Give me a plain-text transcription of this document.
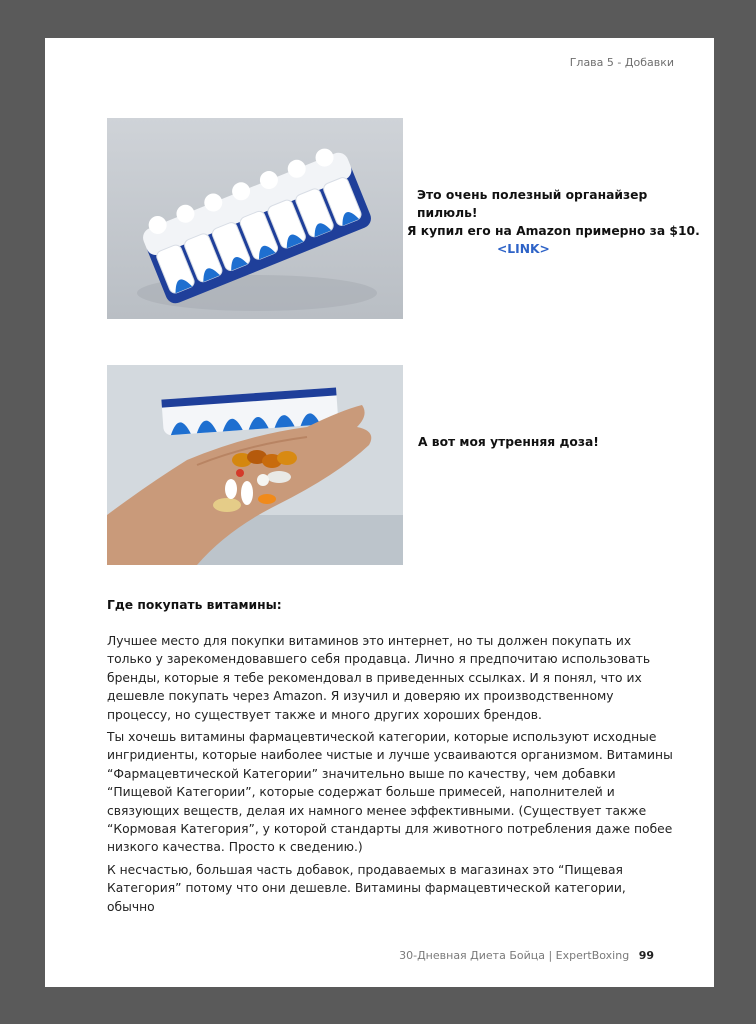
Глава 5 - Добавки
Это очень полезный органайзер пилюль!
Я купил его на Amazon примерно за $10. <LINK>
А вот моя утренняя доза!
Где покупать витамины:

Лучшее место для покупки витаминов это интернет, но ты должен покупать их только у зарекомендовавшего себя продавца. Лично я предпочитаю использовать бренды, которые я тебе рекомендовал в приведенных ссылках. И я понял, что их дешевле покупать через Amazon. Я изучил и доверяю их производственному процессу, но существует также и много других хороших брендов.

Ты хочешь витамины фармацевтической категории, которые используют исходные ингридиенты, которые наиболее чистые и лучше усваиваются организмом. Витамины “Фармацевтической Категории” значительно выше по качеству, чем добавки “Пищевой Категории”, которые содержат больше примесей, наполнителей и связующих веществ, делая их намного менее эффективными. (Существует также “Кормовая Категория”, у которой стандарты для животного потребления даже побее низкого качества. Просто к сведению.)

К несчастью, большая часть добавок, продаваемых в магазинах это “Пищевая Категория” потому что они дешевле. Витамины фармацевтической категории, обычно

30-Дневная Диета Бойца | ExpertBoxing 99
